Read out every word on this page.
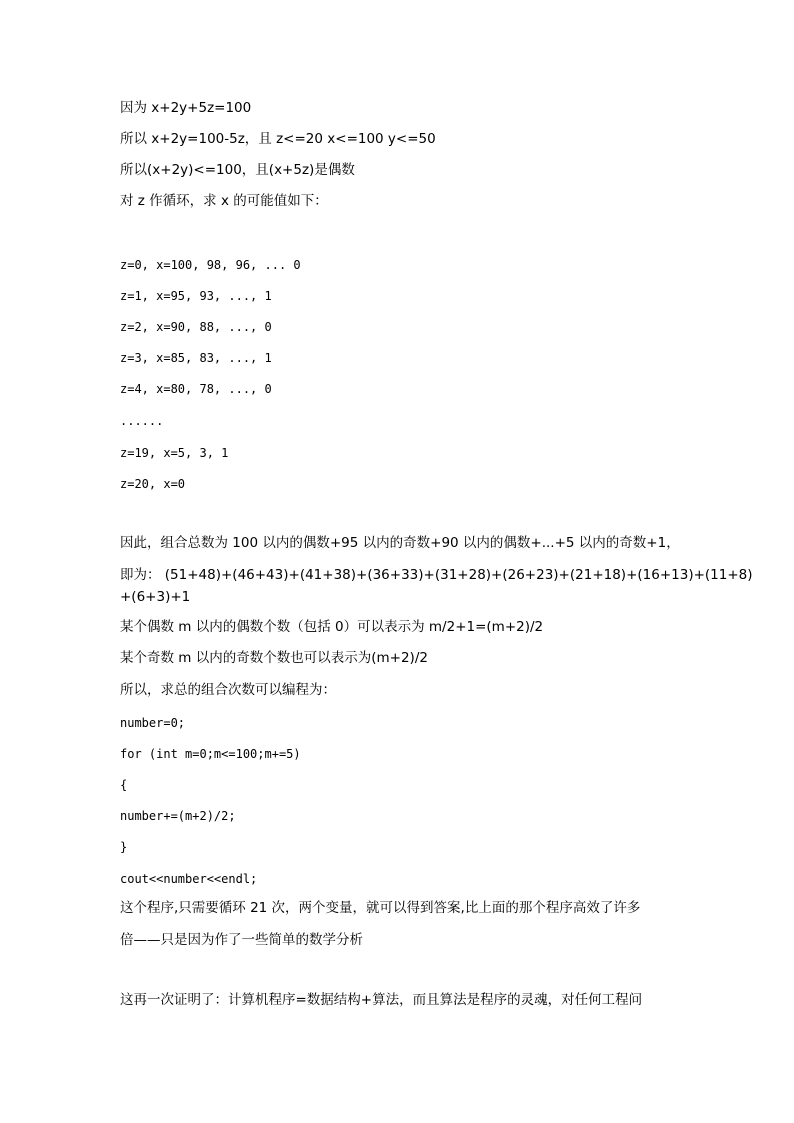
因为 x+2y+5z=100
所以 x+2y=100-5z，且 z<=20 x<=100 y<=50
所以(x+2y)<=100，且(x+5z)是偶数
对 z 作循环，求 x 的可能值如下：
z=0, x=100, 98, 96, ... 0
z=1, x=95, 93, ..., 1
z=2, x=90, 88, ..., 0
z=3, x=85, 83, ..., 1
z=4, x=80, 78, ..., 0
......
z=19, x=5, 3, 1
z=20, x=0
因此，组合总数为 100 以内的偶数+95 以内的奇数+90 以内的偶数+...+5 以内的奇数+1，
即为： (51+48)+(46+43)+(41+38)+(36+33)+(31+28)+(26+23)+(21+18)+(16+13)+(11+8)
+(6+3)+1
某个偶数 m 以内的偶数个数（包括 0）可以表示为 m/2+1=(m+2)/2
某个奇数 m 以内的奇数个数也可以表示为(m+2)/2
所以，求总的组合次数可以编程为：
number=0;
for (int m=0;m<=100;m+=5)
{
number+=(m+2)/2;
}
cout<<number<<endl;
这个程序,只需要循环 21 次，两个变量，就可以得到答案,比上面的那个程序高效了许多
倍——只是因为作了一些简单的数学分析
这再一次证明了：计算机程序=数据结构+算法，而且算法是程序的灵魂，对任何工程问
